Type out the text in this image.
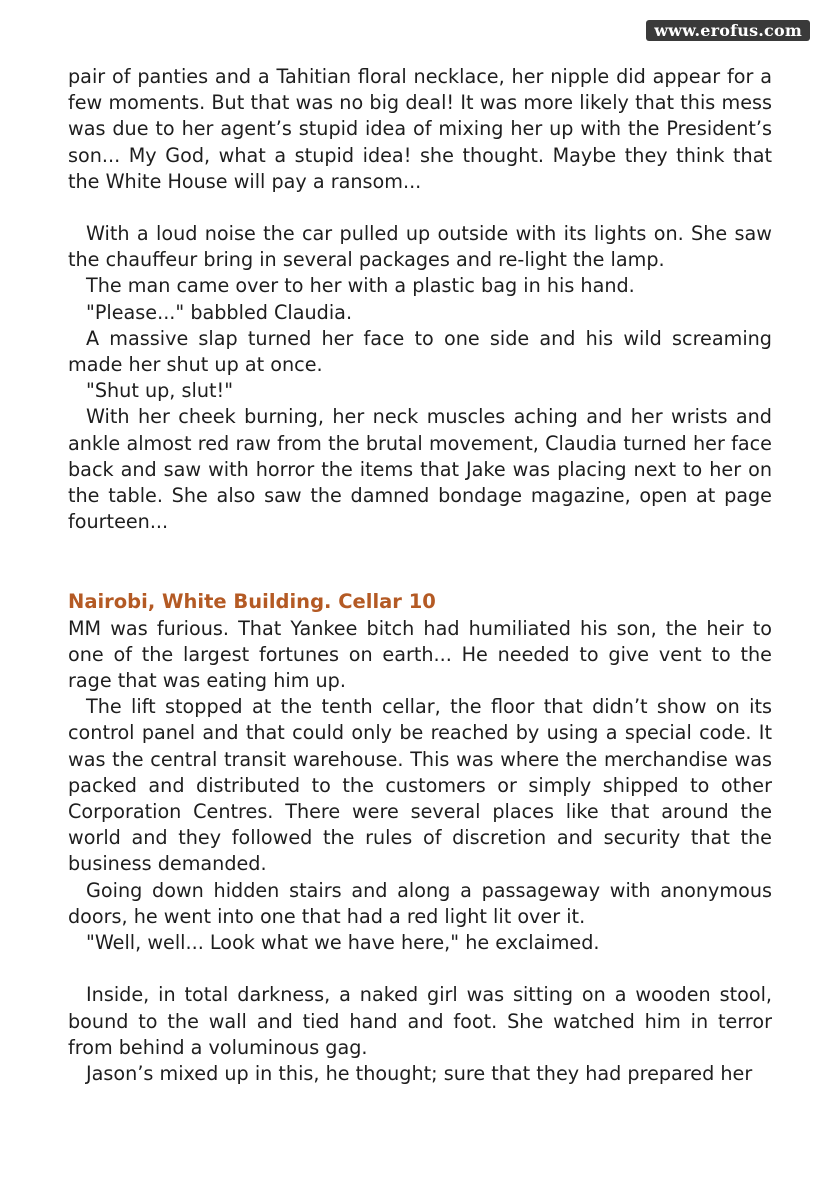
www.erofus.com

pair of panties and a Tahitian floral necklace, her nipple did appear for a few moments. But that was no big deal! It was more likely that this mess was due to her agent’s stupid idea of mixing her up with the President’s son... My God, what a stupid idea! she thought. Maybe they think that the White House will pay a ransom...

With a loud noise the car pulled up outside with its lights on. She saw the chauffeur bring in several packages and re-light the lamp.

The man came over to her with a plastic bag in his hand.

"Please..." babbled Claudia.

A massive slap turned her face to one side and his wild screaming made her shut up at once.

"Shut up, slut!"

With her cheek burning, her neck muscles aching and her wrists and ankle almost red raw from the brutal movement, Claudia turned her face back and saw with horror the items that Jake was placing next to her on the table. She also saw the damned bondage magazine, open at page fourteen...

Nairobi, White Building. Cellar 10

MM was furious. That Yankee bitch had humiliated his son, the heir to one of the largest fortunes on earth... He needed to give vent to the rage that was eating him up.

The lift stopped at the tenth cellar, the floor that didn’t show on its control panel and that could only be reached by using a special code. It was the central transit warehouse. This was where the merchandise was packed and distributed to the customers or simply shipped to other Corporation Centres. There were several places like that around the world and they followed the rules of discretion and security that the business demanded.

Going down hidden stairs and along a passageway with anonymous doors, he went into one that had a red light lit over it.

"Well, well... Look what we have here," he exclaimed.

Inside, in total darkness, a naked girl was sitting on a wooden stool, bound to the wall and tied hand and foot. She watched him in terror from behind a voluminous gag.

Jason’s mixed up in this, he thought; sure that they had prepared her
